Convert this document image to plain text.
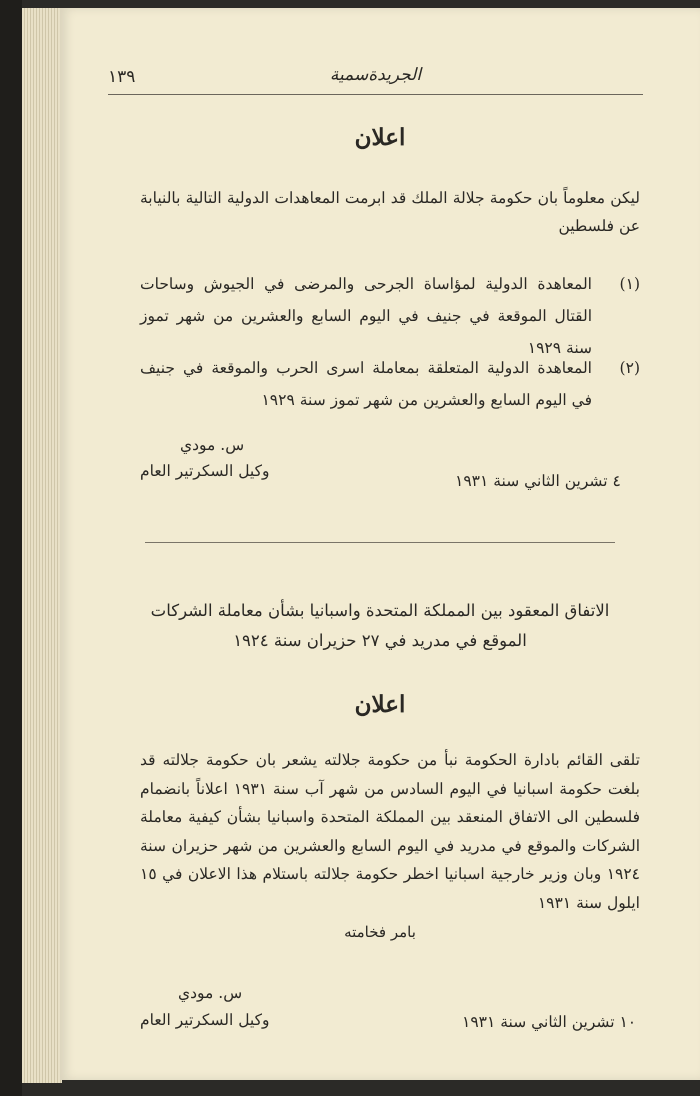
١٣٩	الجريدةسمية
اعلان
ليكن معلوماً بان حكومة جلالة الملك قد ابرمت المعاهدات الدولية التالية بالنيابة عن فلسطين
(١)
المعاهدة الدولية لمؤاساة الجرحى والمرضى في الجيوش وساحات القتال الموقعة في جنيف في اليوم السابع والعشرين من شهر تموز سنة ١٩٢٩
(٢)
المعاهدة الدولية المتعلقة بمعاملة اسرى الحرب والموقعة في جنيف في اليوم السابع والعشرين من شهر تموز سنة ١٩٢٩
س. مودي
وكيل السكرتير العام
٤ تشرين الثاني سنة ١٩٣١
الاتفاق المعقود بين المملكة المتحدة واسبانيا بشأن معاملة الشركات
الموقع في مدريد في ٢٧ حزيران سنة ١٩٢٤
اعلان
تلقى القائم بادارة الحكومة نبأ من حكومة جلالته يشعر بان حكومة جلالته قد بلغت حكومة اسبانيا في اليوم السادس من شهر آب سنة ١٩٣١ اعلاناً بانضمام فلسطين الى الاتفاق المنعقد بين المملكة المتحدة واسبانيا بشأن كيفية معاملة الشركات والموقع في مدريد في اليوم السابع والعشرين من شهر حزيران سنة ١٩٢٤ وبان وزير خارجية اسبانيا اخطر حكومة جلالته باستلام هذا الاعلان في ١٥ ايلول سنة ١٩٣١
بامر فخامته
س. مودي
وكيل السكرتير العام	١٠ تشرين الثاني سنة ١٩٣١
